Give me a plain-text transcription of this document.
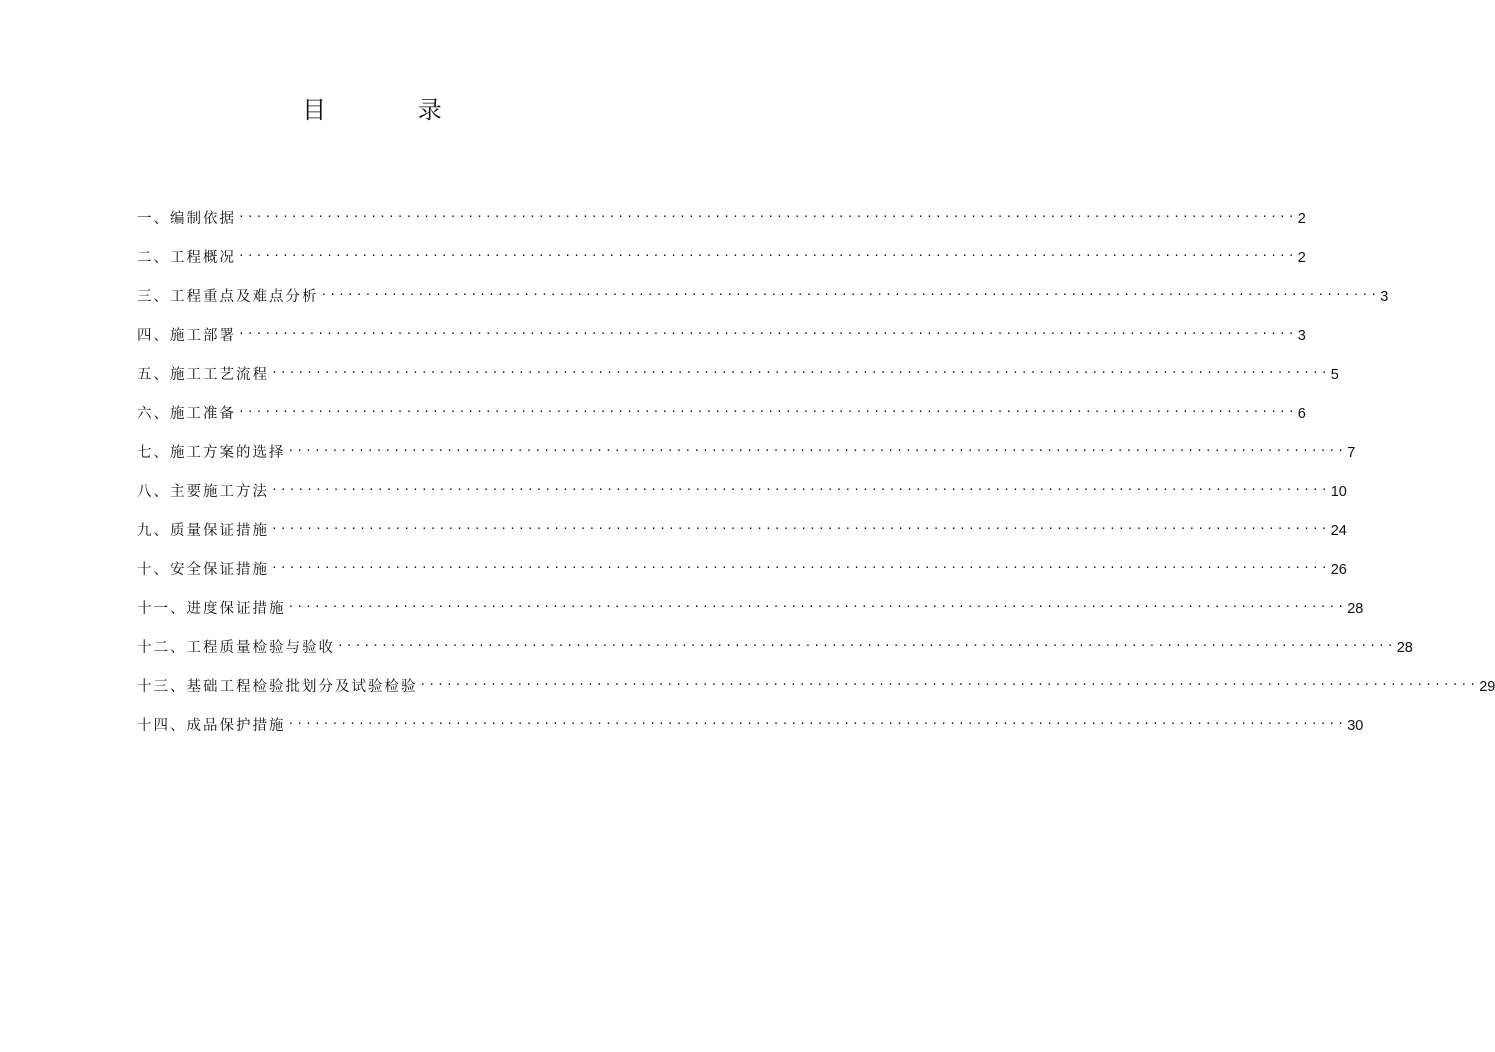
目 录
一、编制依据 ························································································································ 2
二、工程概况 ························································································································ 2
三、工程重点及难点分析 ························································································································ 3
四、施工部署 ························································································································ 3
五、施工工艺流程 ························································································································ 5
六、施工准备 ························································································································ 6
七、施工方案的选择 ························································································································ 7
八、主要施工方法 ························································································································ 10
九、质量保证措施 ························································································································ 24
十、安全保证措施 ························································································································ 26
十一、进度保证措施 ························································································································ 28
十二、工程质量检验与验收 ························································································································ 28
十三、基础工程检验批划分及试验检验 ························································································································ 29
十四、成品保护措施 ························································································································ 30
